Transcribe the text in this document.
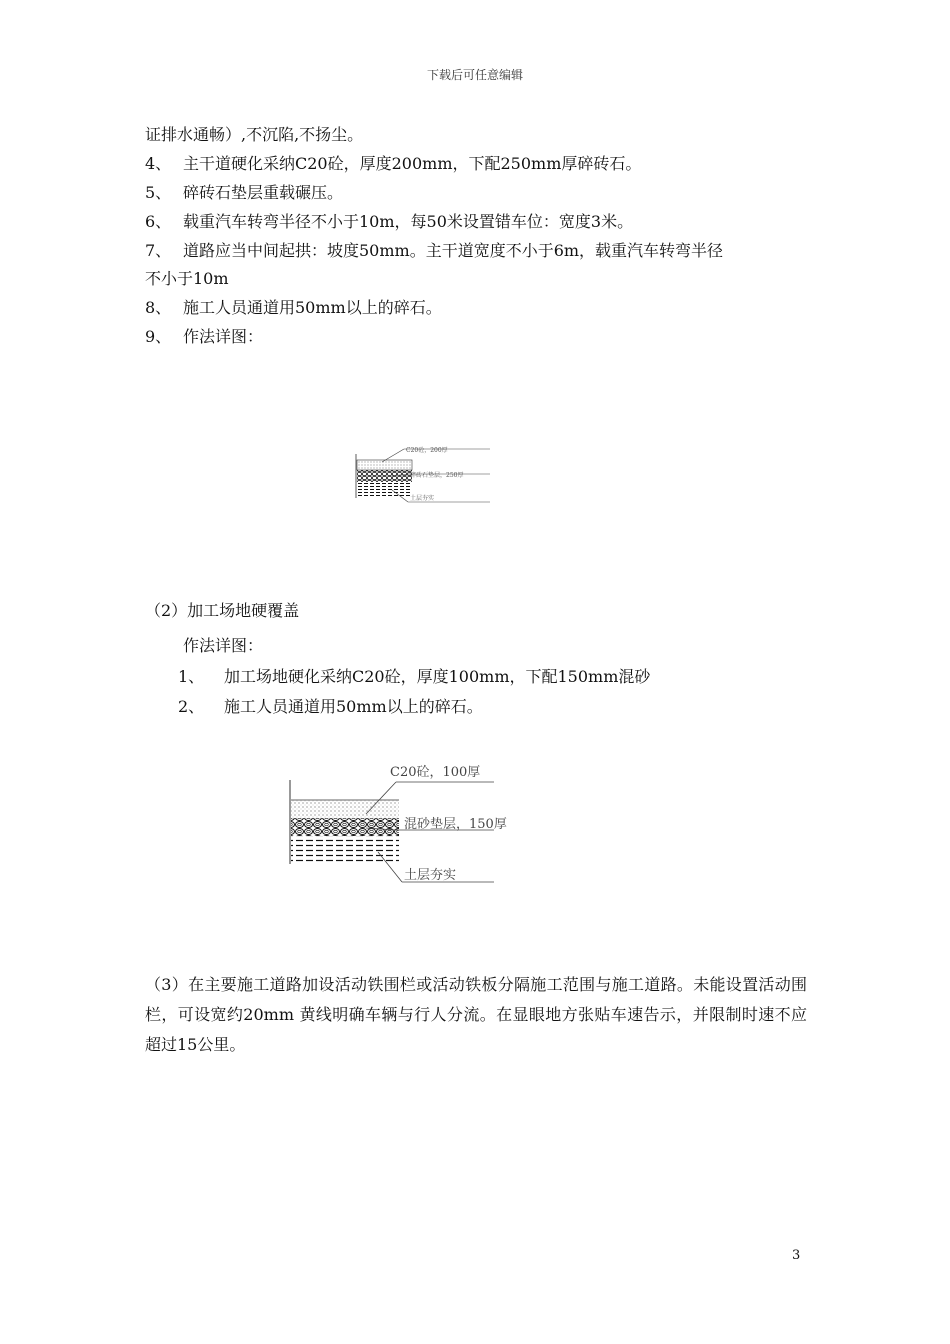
下载后可任意编辑
证排水通畅）,不沉陷,不扬尘。
4、 主干道硬化采纳C20砼，厚度200mm，下配250mm厚碎砖石。
5、 碎砖石垫层重载碾压。
6、 载重汽车转弯半径不小于10m，每50米设置错车位：宽度3米。
7、 道路应当中间起拱：坡度50mm。主干道宽度不小于6m，载重汽车转弯半径
不小于10m
8、 施工人员通道用50mm以上的碎石。
9、 作法详图：
C20砼，200厚
碎砖石垫层，250厚
土层夯实
（2）加工场地硬覆盖
作法详图：
1、 加工场地硬化采纳C20砼，厚度100mm，下配150mm混砂
2、 施工人员通道用50mm以上的碎石。
C20砼，100厚
混砂垫层，150厚
土层夯实
（3）在主要施工道路加设活动铁围栏或活动铁板分隔施工范围与施工道路。未能设置活动围栏，可设宽约20mm 黄线明确车辆与行人分流。在显眼地方张贴车速告示，并限制时速不应超过15公里。
3
